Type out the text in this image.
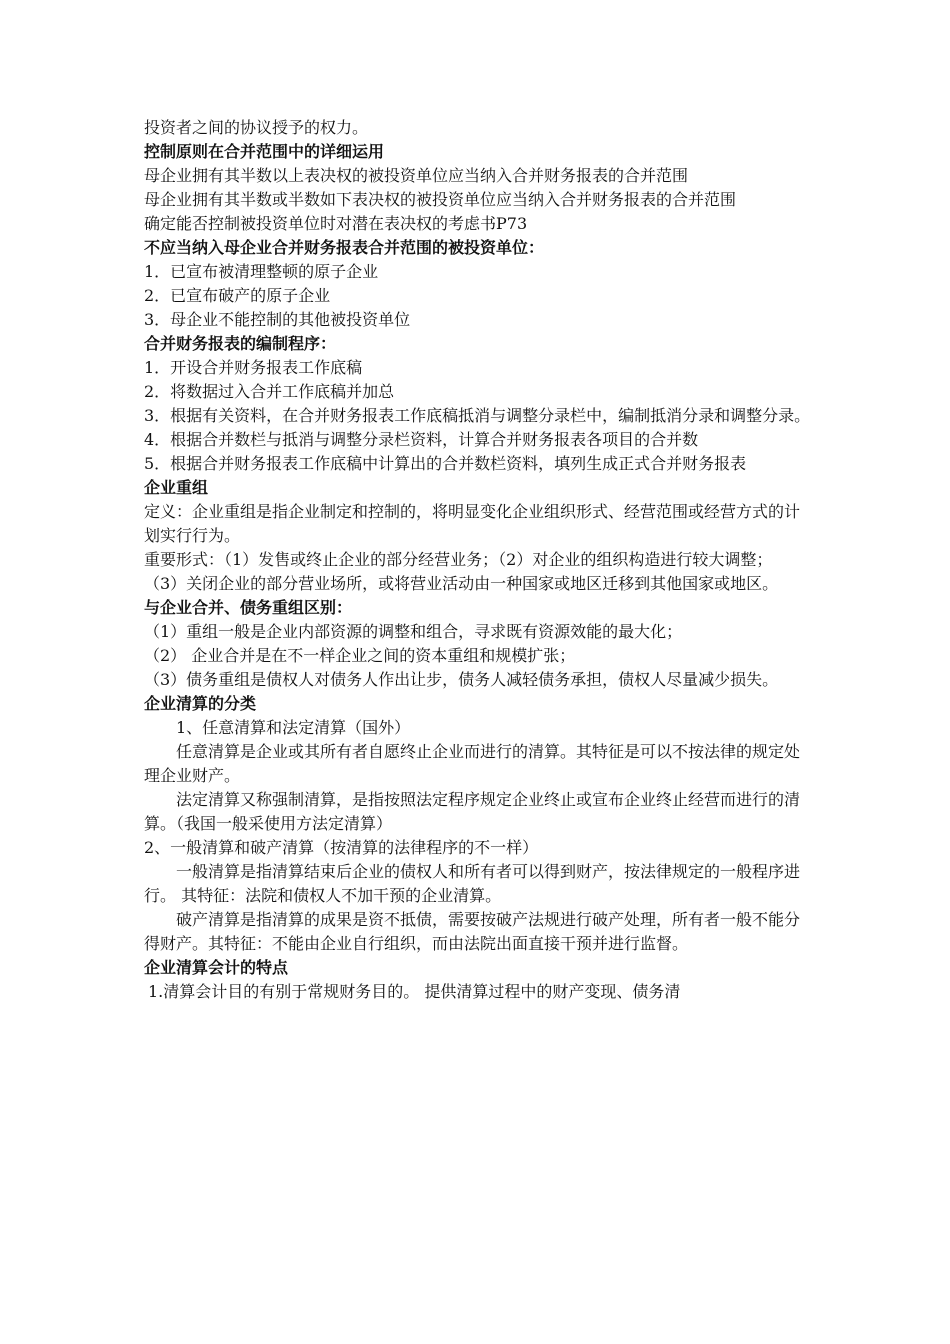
投资者之间的协议授予的权力。

控制原则在合并范围中的详细运用

母企业拥有其半数以上表决权的被投资单位应当纳入合并财务报表的合并范围

母企业拥有其半数或半数如下表决权的被投资单位应当纳入合并财务报表的合并范围

确定能否控制被投资单位时对潜在表决权的考虑书P73

不应当纳入母企业合并财务报表合并范围的被投资单位：

1．已宣布被清理整顿的原子企业

2．已宣布破产的原子企业

3．母企业不能控制的其他被投资单位

合并财务报表的编制程序：

1．开设合并财务报表工作底稿

2．将数据过入合并工作底稿并加总

3．根据有关资料，在合并财务报表工作底稿抵消与调整分录栏中，编制抵消分录和调整分录。

4．根据合并数栏与抵消与调整分录栏资料，计算合并财务报表各项目的合并数

5．根据合并财务报表工作底稿中计算出的合并数栏资料，填列生成正式合并财务报表

企业重组

定义：企业重组是指企业制定和控制的，将明显变化企业组织形式、经营范围或经营方式的计划实行行为。

重要形式：（1）发售或终止企业的部分经营业务；（2）对企业的组织构造进行较大调整；

（3）关闭企业的部分营业场所，或将营业活动由一种国家或地区迁移到其他国家或地区。

与企业合并、债务重组区别：

（1）重组一般是企业内部资源的调整和组合，寻求既有资源效能的最大化；

（2） 企业合并是在不一样企业之间的资本重组和规模扩张；

（3）债务重组是债权人对债务人作出让步，债务人减轻债务承担，债权人尽量减少损失。

企业清算的分类

1、任意清算和法定清算（国外）

任意清算是企业或其所有者自愿终止企业而进行的清算。其特征是可以不按法律的规定处理企业财产。

法定清算又称强制清算，是指按照法定程序规定企业终止或宣布企业终止经营而进行的清算。（我国一般采使用方法定清算）

2、一般清算和破产清算（按清算的法律程序的不一样）

一般清算是指清算结束后企业的债权人和所有者可以得到财产，按法律规定的一般程序进行。 其特征：法院和债权人不加干预的企业清算。

破产清算是指清算的成果是资不抵债，需要按破产法规进行破产处理，所有者一般不能分得财产。其特征：不能由企业自行组织，而由法院出面直接干预并进行监督。

企业清算会计的特点

1.清算会计目的有别于常规财务目的。 提供清算过程中的财产变现、债务清
